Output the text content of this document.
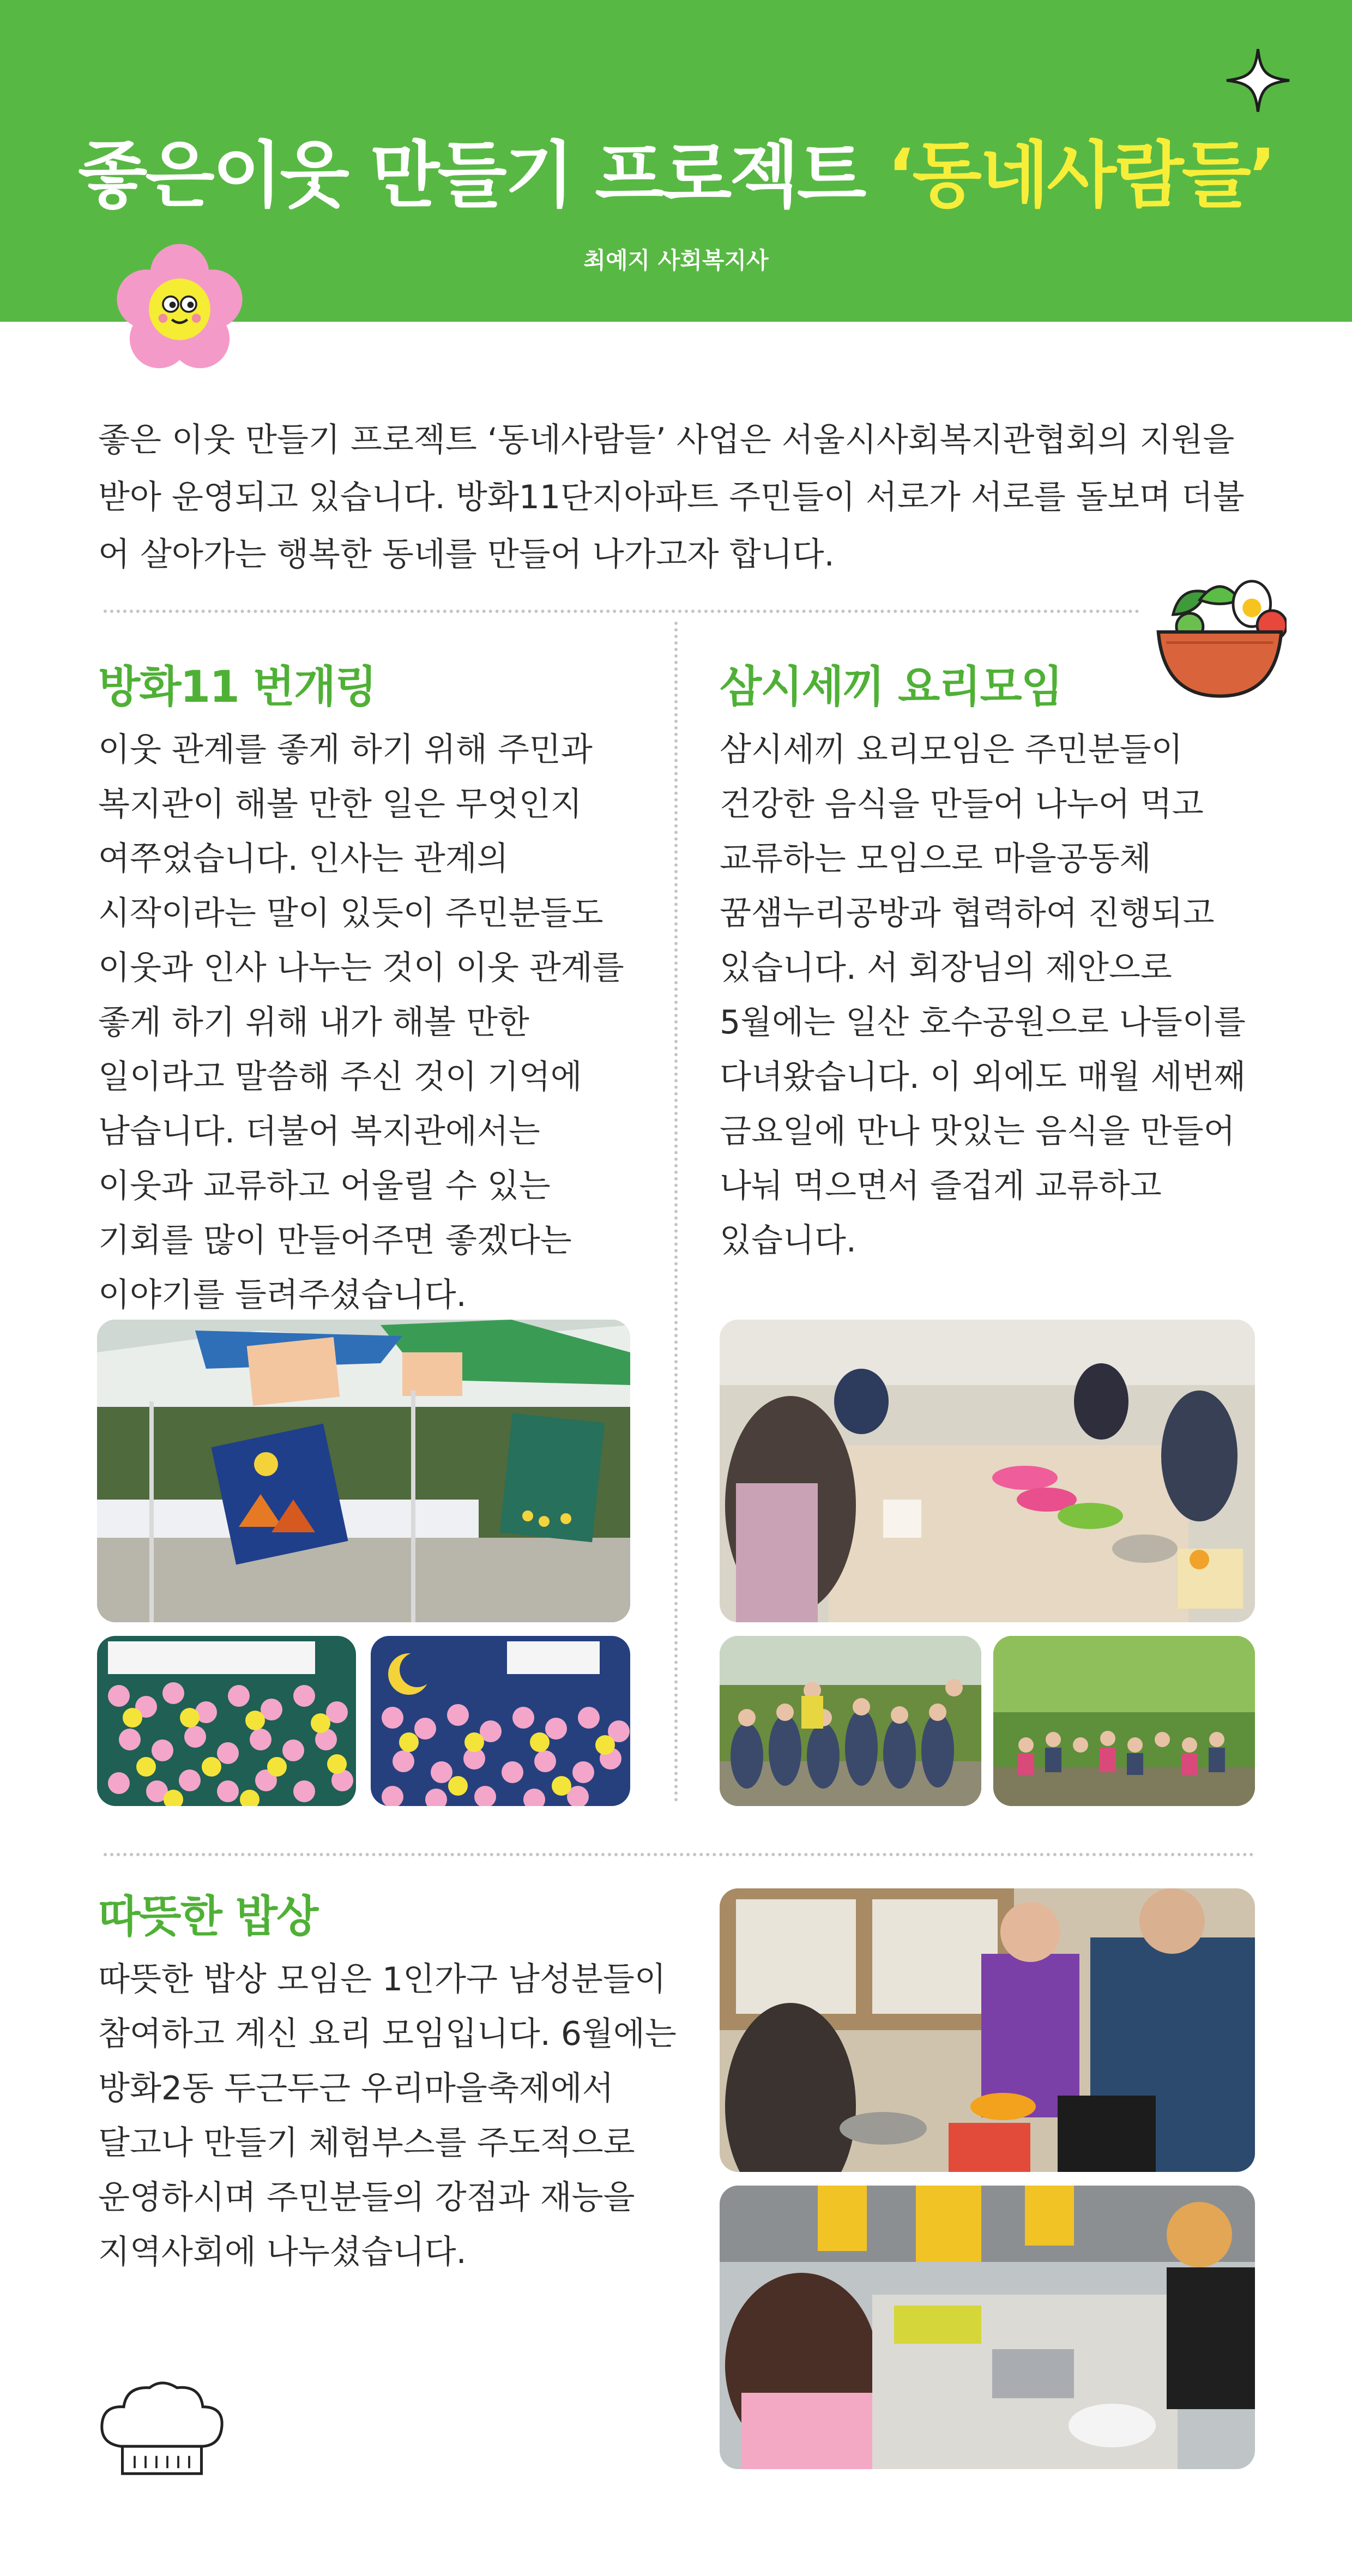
좋은이웃 만들기 프로젝트 ‘동네사람들’
최예지 사회복지사
좋은 이웃 만들기 프로젝트 ‘동네사람들’ 사업은 서울시사회복지관협회의 지원을 받아 운영되고 있습니다. 방화11단지아파트 주민들이 서로가 서로를 돌보며 더불어 살아가는 행복한 동네를 만들어 나가고자 합니다.
방화11 번개링
이웃 관계를 좋게 하기 위해 주민과 복지관이 해볼 만한 일은 무엇인지 여쭈었습니다. 인사는 관계의 시작이라는 말이 있듯이 주민분들도 이웃과 인사 나누는 것이 이웃 관계를 좋게 하기 위해 내가 해볼 만한 일이라고 말씀해 주신 것이 기억에 남습니다. 더불어 복지관에서는 이웃과 교류하고 어울릴 수 있는 기회를 많이 만들어주면 좋겠다는 이야기를 들려주셨습니다.
삼시세끼 요리모임
삼시세끼 요리모임은 주민분들이 건강한 음식을 만들어 나누어 먹고 교류하는 모임으로 마을공동체 꿈샘누리공방과 협력하여 진행되고 있습니다. 서 회장님의 제안으로 5월에는 일산 호수공원으로 나들이를 다녀왔습니다. 이 외에도 매월 세번째 금요일에 만나 맛있는 음식을 만들어 나눠 먹으면서 즐겁게 교류하고 있습니다.
따뜻한 밥상
따뜻한 밥상 모임은 1인가구 남성분들이 참여하고 계신 요리 모임입니다. 6월에는 방화2동 두근두근 우리마을축제에서 달고나 만들기 체험부스를 주도적으로 운영하시며 주민분들의 강점과 재능을 지역사회에 나누셨습니다.
